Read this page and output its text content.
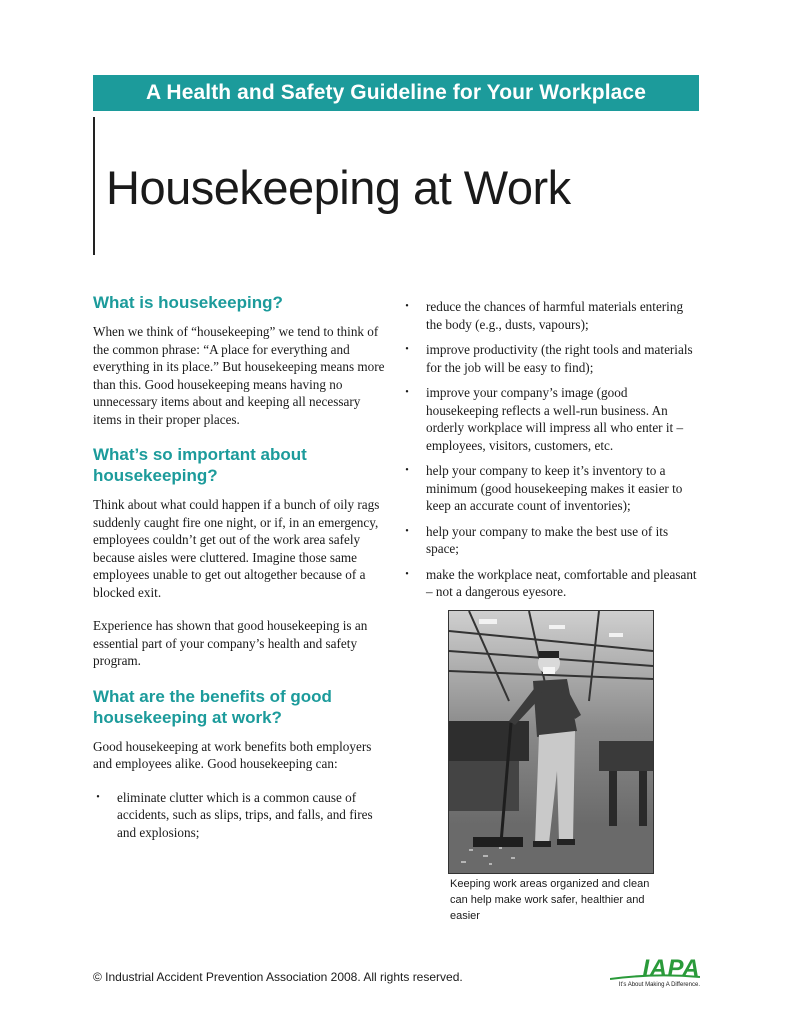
A Health and Safety Guideline for Your Workplace
Housekeeping at Work
What is housekeeping?

When we think of “housekeeping” we tend to think of the common phrase: “A place for everything and everything in its place.” But housekeeping means more than this. Good housekeeping means having no unnecessary items about and keeping all necessary items in their proper places.

What’s so important about housekeeping?

Think about what could happen if a bunch of oily rags suddenly caught fire one night, or if, in an emergency, employees couldn’t get out of the work area safely because aisles were cluttered. Imagine those same employees unable to get out altogether because of a blocked exit.

Experience has shown that good housekeeping is an essential part of your company’s health and safety program.

What are the benefits of good housekeeping at work?

Good housekeeping at work benefits both employers and employees alike. Good housekeeping can:

• eliminate clutter which is a common cause of accidents, such as slips, trips, and falls, and fires and explosions;
• reduce the chances of harmful materials entering the body (e.g., dusts, vapours);
• improve productivity (the right tools and materials for the job will be easy to find);
• improve your company’s image (good housekeeping reflects a well-run business. An orderly workplace will impress all who enter it – employees, visitors, customers, etc.
• help your company to keep it’s inventory to a minimum (good housekeeping makes it easier to keep an accurate count of inventories);
• help your company to make the best use of its space;
• make the workplace neat, comfortable and pleasant – not a dangerous eyesore.
Keeping work areas organized and clean can help make work safer, healthier and easier
© Industrial Accident Prevention Association 2008. All rights reserved.	IAPA
It’s About Making A Difference.
